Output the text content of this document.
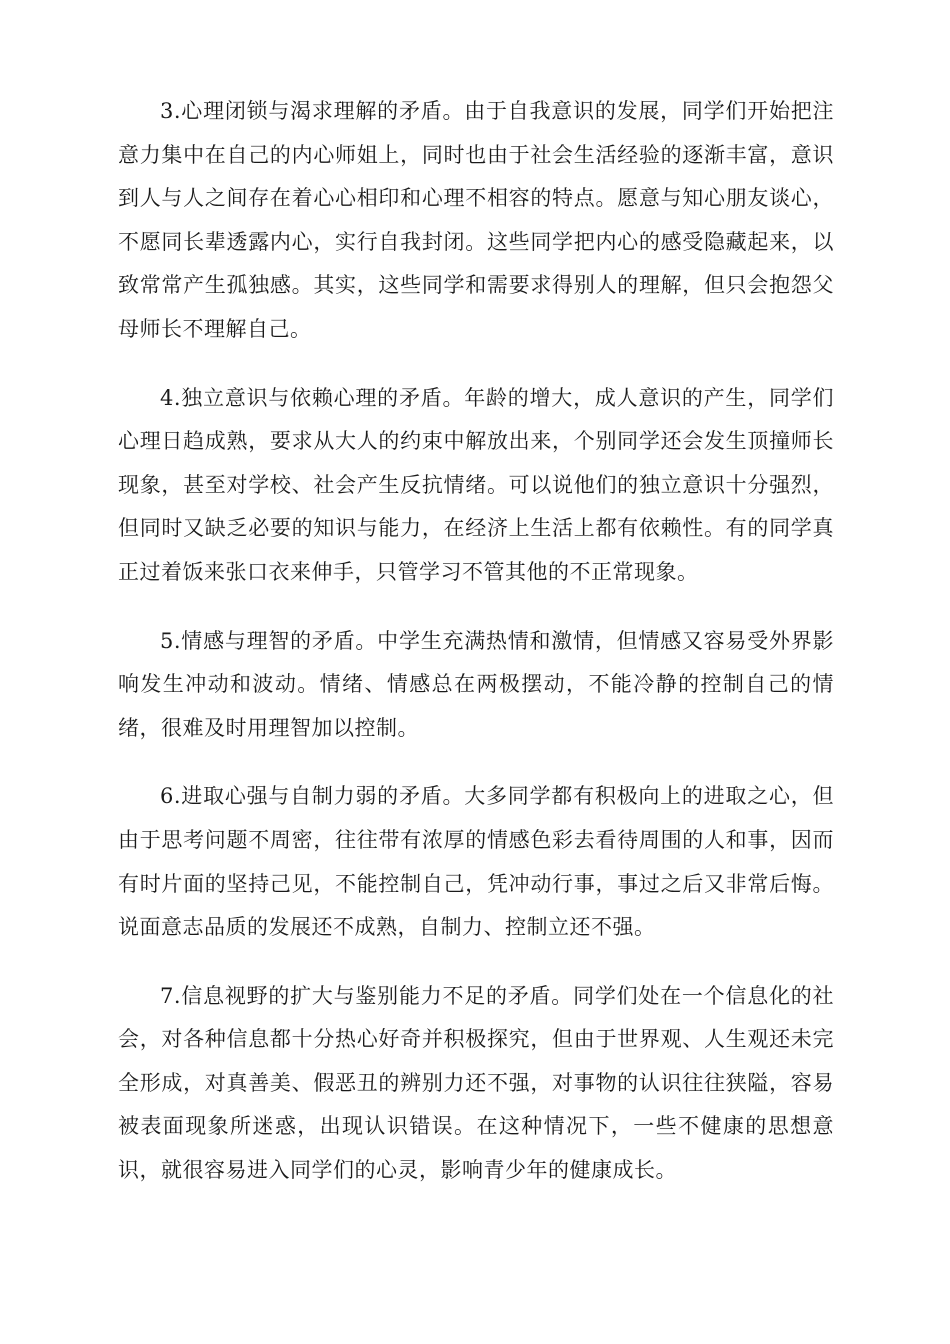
3.心理闭锁与渴求理解的矛盾。由于自我意识的发展，同学们开始把注意力集中在自己的内心师姐上，同时也由于社会生活经验的逐渐丰富，意识到人与人之间存在着心心相印和心理不相容的特点。愿意与知心朋友谈心，不愿同长辈透露内心，实行自我封闭。这些同学把内心的感受隐藏起来，以致常常产生孤独感。其实，这些同学和需要求得别人的理解，但只会抱怨父母师长不理解自己。

4.独立意识与依赖心理的矛盾。年龄的增大，成人意识的产生，同学们心理日趋成熟，要求从大人的约束中解放出来，个别同学还会发生顶撞师长现象，甚至对学校、社会产生反抗情绪。可以说他们的独立意识十分强烈，但同时又缺乏必要的知识与能力，在经济上生活上都有依赖性。有的同学真正过着饭来张口衣来伸手，只管学习不管其他的不正常现象。

5.情感与理智的矛盾。中学生充满热情和激情，但情感又容易受外界影响发生冲动和波动。情绪、情感总在两极摆动，不能冷静的控制自己的情绪，很难及时用理智加以控制。

6.进取心强与自制力弱的矛盾。大多同学都有积极向上的进取之心，但由于思考问题不周密，往往带有浓厚的情感色彩去看待周围的人和事，因而有时片面的坚持己见，不能控制自己，凭冲动行事，事过之后又非常后悔。说面意志品质的发展还不成熟，自制力、控制立还不强。

7.信息视野的扩大与鉴别能力不足的矛盾。同学们处在一个信息化的社会，对各种信息都十分热心好奇并积极探究，但由于世界观、人生观还未完全形成，对真善美、假恶丑的辨别力还不强，对事物的认识往往狭隘，容易被表面现象所迷惑，出现认识错误。在这种情况下，一些不健康的思想意识，就很容易进入同学们的心灵，影响青少年的健康成长。
